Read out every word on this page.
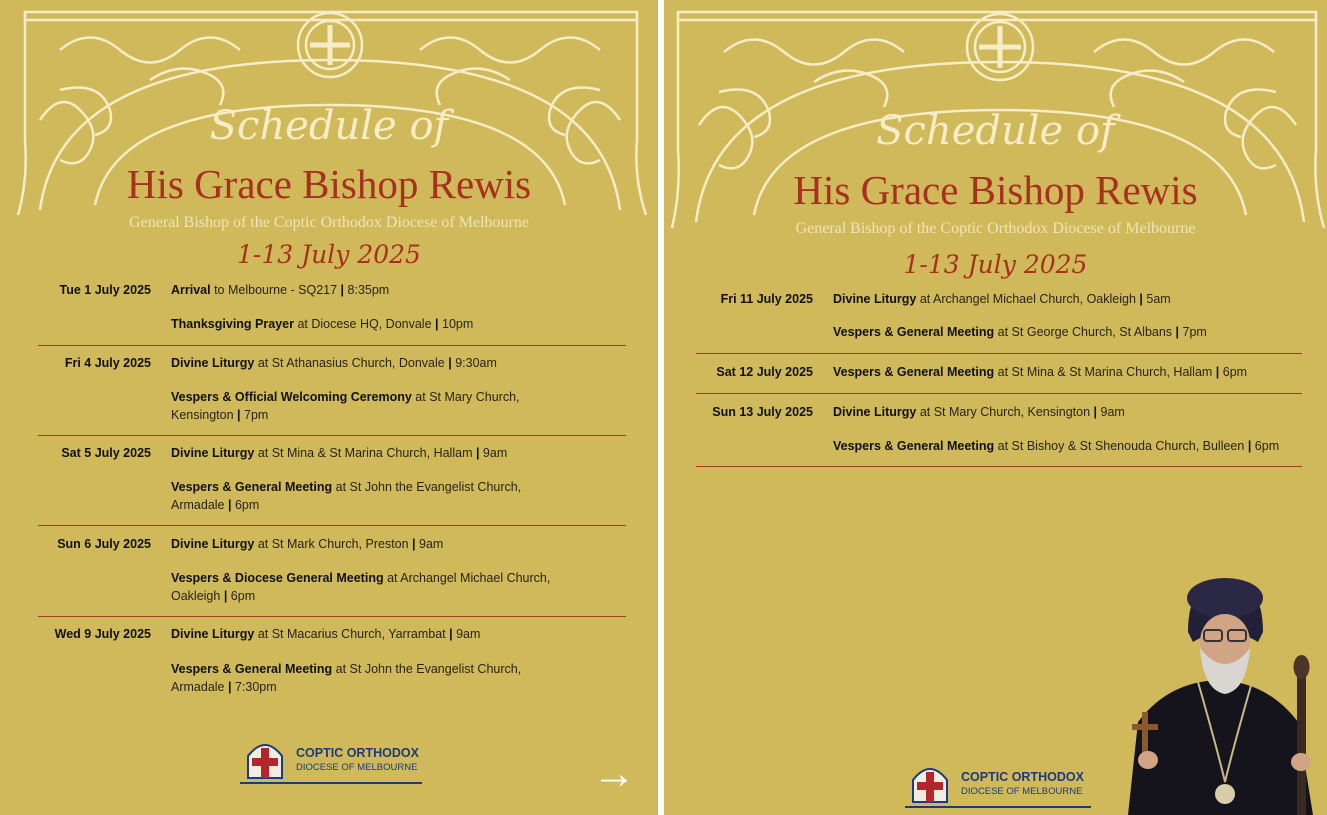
Schedule of
His Grace Bishop Rewis
General Bishop of the Coptic Orthodox Diocese of Melbourne
1-13 July 2025
Tue 1 July 2025 Arrival to Melbourne - SQ217 | 8:35pm
Thanksgiving Prayer at Diocese HQ, Donvale | 10pm
Fri 4 July 2025 Divine Liturgy at St Athanasius Church, Donvale | 9:30am
Vespers & Official Welcoming Ceremony at St Mary Church, Kensington | 7pm
Sat 5 July 2025 Divine Liturgy at St Mina & St Marina Church, Hallam | 9am
Vespers & General Meeting at St John the Evangelist Church, Armadale | 6pm
Sun 6 July 2025 Divine Liturgy at St Mark Church, Preston | 9am
Vespers & Diocese General Meeting at Archangel Michael Church, Oakleigh | 6pm
Wed 9 July 2025 Divine Liturgy at St Macarius Church, Yarrambat | 9am
Vespers & General Meeting at St John the Evangelist Church, Armadale | 7:30pm
COPTIC ORTHODOX
DIOCESE OF MELBOURNE	→
Schedule of
His Grace Bishop Rewis
General Bishop of the Coptic Orthodox Diocese of Melbourne
1-13 July 2025
Fri 11 July 2025 Divine Liturgy at Archangel Michael Church, Oakleigh | 5am
Vespers & General Meeting at St George Church, St Albans | 7pm
Sat 12 July 2025 Vespers & General Meeting at St Mina & St Marina Church, Hallam | 6pm
Sun 13 July 2025 Divine Liturgy at St Mary Church, Kensington | 9am
Vespers & General Meeting at St Bishoy & St Shenouda Church, Bulleen | 6pm
COPTIC ORTHODOX
DIOCESE OF MELBOURNE
